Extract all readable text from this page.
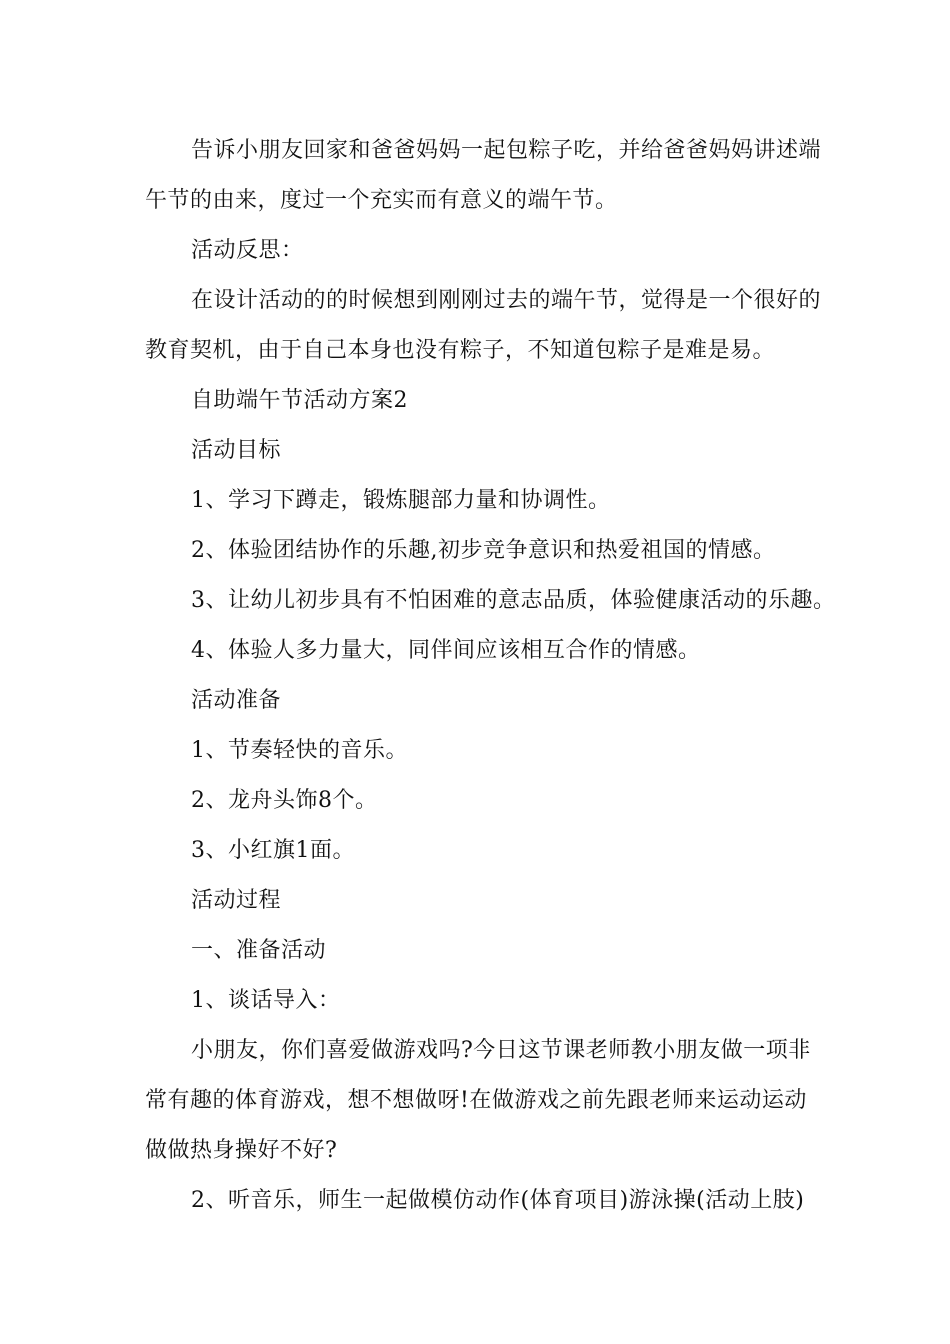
告诉小朋友回家和爸爸妈妈一起包粽子吃，并给爸爸妈妈讲述端午节的由来，度过一个充实而有意义的端午节。

活动反思：

在设计活动的的时候想到刚刚过去的端午节，觉得是一个很好的教育契机，由于自己本身也没有粽子，不知道包粽子是难是易。

自助端午节活动方案2

活动目标

1、学习下蹲走，锻炼腿部力量和协调性。

2、体验团结协作的乐趣,初步竞争意识和热爱祖国的情感。

3、让幼儿初步具有不怕困难的意志品质，体验健康活动的乐趣。

4、体验人多力量大，同伴间应该相互合作的情感。

活动准备

1、节奏轻快的音乐。

2、龙舟头饰8个。

3、小红旗1面。

活动过程

一、准备活动

1、谈话导入：

小朋友，你们喜爱做游戏吗?今日这节课老师教小朋友做一项非常有趣的体育游戏，想不想做呀!在做游戏之前先跟老师来运动运动做做热身操好不好?

2、听音乐，师生一起做模仿动作(体育项目)游泳操(活动上肢)
